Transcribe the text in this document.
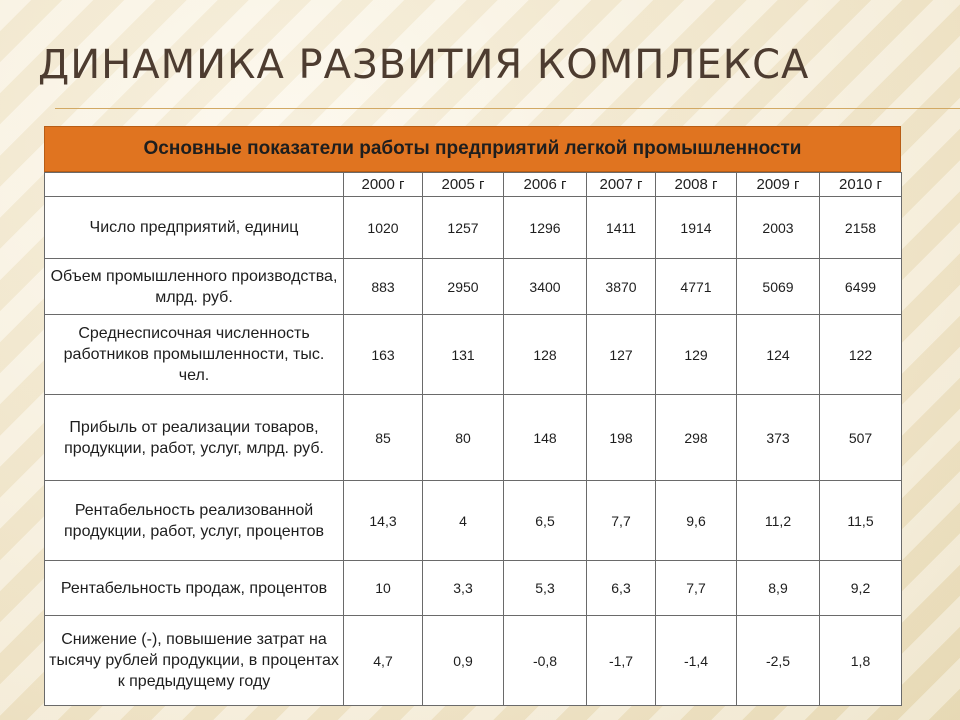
ДИНАМИКА РАЗВИТИЯ КОМПЛЕКСА
Основные показатели работы предприятий легкой промышленности
	2000 г	2005 г	2006 г	2007 г	2008 г	2009 г	2010 г
Число предприятий, единиц	1020	1257	1296	1411	1914	2003	2158
Объем промышленного производства, млрд. руб.	883	2950	3400	3870	4771	5069	6499
Среднесписочная численность работников промышленности, тыс. чел.	163	131	128	127	129	124	122
Прибыль от реализации товаров, продукции, работ, услуг, млрд. руб.	85	80	148	198	298	373	507
Рентабельность реализованной продукции, работ, услуг, процентов	14,3	4	6,5	7,7	9,6	11,2	11,5
Рентабельность продаж, процентов	10	3,3	5,3	6,3	7,7	8,9	9,2
Снижение (-), повышение затрат на тысячу рублей продукции, в процентах к предыдущему году	4,7	0,9	-0,8	-1,7	-1,4	-2,5	1,8
